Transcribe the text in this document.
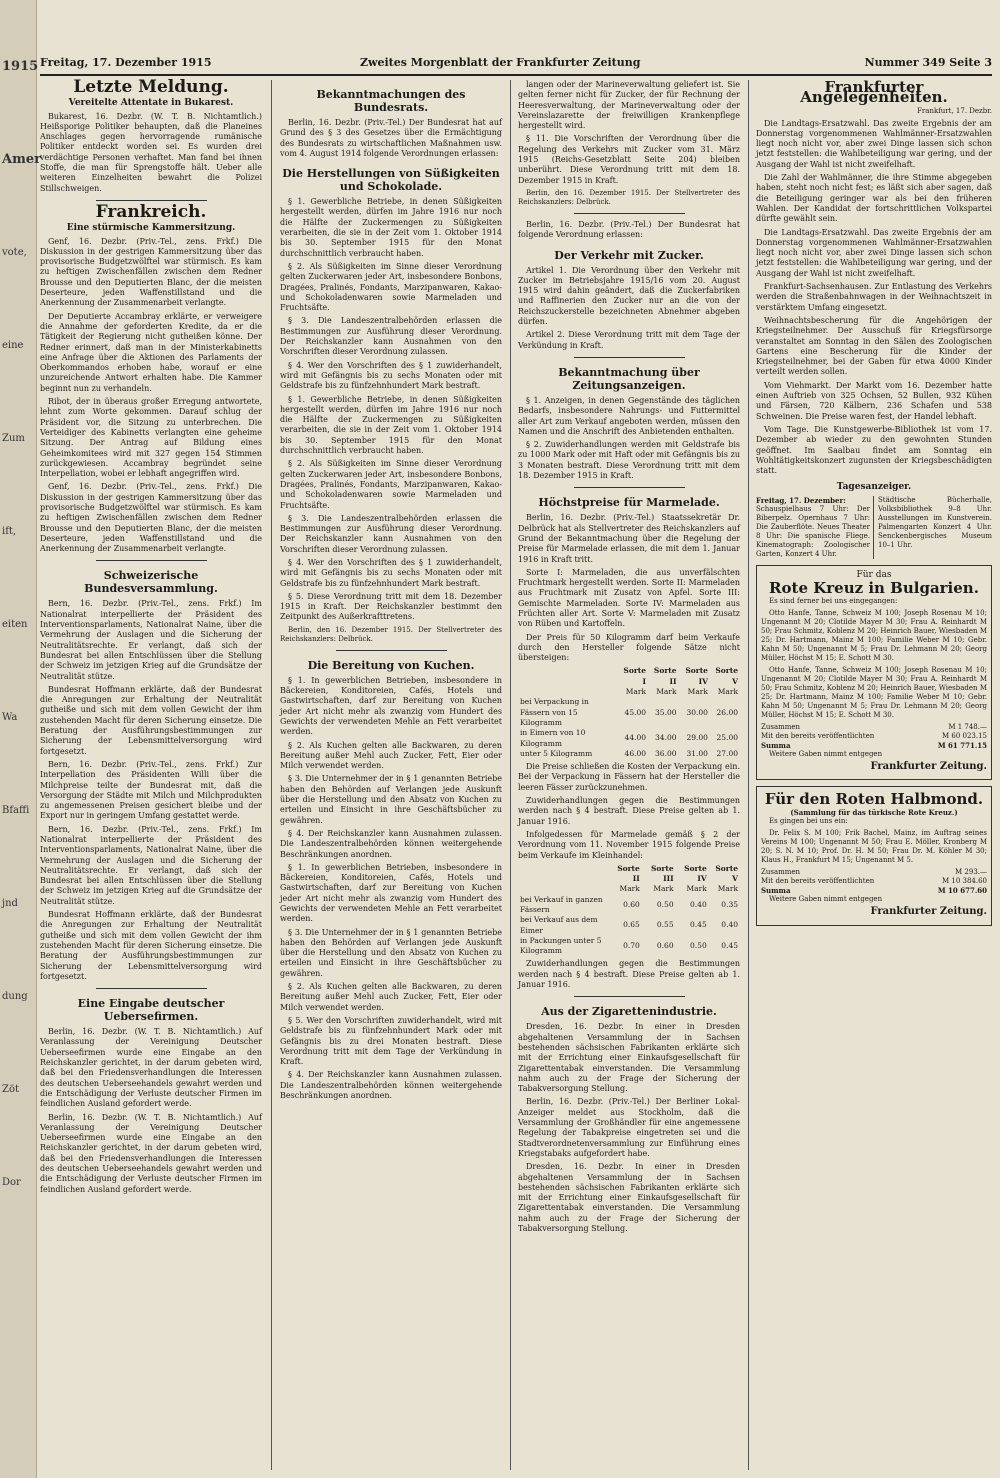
1915
Amer
vote,
eine
Zum
ift,
eiten
Wa
Bfaffi
jnd
dung
Zöt
Dor
Freitag, 17. Dezember 1915	Zweites Morgenblatt der Frankfurter Zeitung	Nummer 349 Seite 3
Letzte Meldung.
Vereitelte Attentate in Bukarest.

Bukarest, 16. Dezbr. (W. T. B. Nichtamtlich.) Heißsporige Politiker behaupten, daß die Planeines Anschlages gegen hervorragende rumänische Politiker entdeckt worden sei. Es wurden drei verdächtige Personen verhaftet. Man fand bei ihnen Stoffe, die man für Sprengstoffe hält. Ueber alle weiteren Einzelheiten bewahrt die Polizei Stillschweigen.

Frankreich.
Eine stürmische Kammersitzung.

Genf, 16. Dezbr. (Priv.-Tel., zens. Frkf.) Die Diskussion in der gestrigen Kammersitzung über das provisorische Budgetzwölftel war stürmisch. Es kam zu heftigen Zwischenfällen zwischen dem Redner Brousse und den Deputierten Blanc, der die meisten Deserteure, jeden Waffenstillstand und die Anerkennung der Zusammenarbeit verlangte.

Der Deputierte Accambray erklärte, er verweigere die Annahme der geforderten Kredite, da er die Tätigkeit der Regierung nicht gutheißen könne. Der Redner erinnert, daß man in der Ministerkabinetts eine Anfrage über die Aktionen des Parlaments der Oberkommandos erhoben habe, worauf er eine unzureichende Antwort erhalten habe. Die Kammer beginnt nun zu verhandeln.

Ribot, der in überaus großer Erregung antwortete, lehnt zum Worte gekommen. Darauf schlug der Präsident vor, die Sitzung zu unterbrechen. Die Verteidiger des Kabinetts verlangten eine geheime Sitzung. Der Antrag auf Bildung eines Geheimkomitees wird mit 327 gegen 154 Stimmen zurückgewiesen. Accambray begründet seine Interpellation, wobei er lebhaft angegriffen wird.

Genf, 16. Dezbr. (Priv.-Tel., zens. Frkf.) Die Diskussion in der gestrigen Kammersitzung über das provisorische Budgetzwölftel war stürmisch. Es kam zu heftigen Zwischenfällen zwischen dem Redner Brousse und den Deputierten Blanc, der die meisten Deserteure, jeden Waffenstillstand und die Anerkennung der Zusammenarbeit verlangte.

Schweizerische Bundesversammlung.

Bern, 16. Dezbr. (Priv.-Tel., zens. Frkf.) Im Nationalrat interpellierte der Präsident des Interventionsparlaments, Nationalrat Naine, über die Vermehrung der Auslagen und die Sicherung der Neutralitätsrechte. Er verlangt, daß sich der Bundesrat bei allen Entschlüssen über die Stellung der Schweiz im jetzigen Krieg auf die Grundsätze der Neutralität stütze.

Bundesrat Hoffmann erklärte, daß der Bundesrat die Anregungen zur Erhaltung der Neutralität gutheiße und sich mit dem vollen Gewicht der ihm zustehenden Macht für deren Sicherung einsetze. Die Beratung der Ausführungsbestimmungen zur Sicherung der Lebensmittelversorgung wird fortgesetzt.

Bern, 16. Dezbr. (Priv.-Tel., zens. Frkf.) Zur Interpellation des Präsidenten Willi über die Milchpreise teilte der Bundesrat mit, daß die Versorgung der Städte mit Milch und Milchprodukten zu angemessenen Preisen gesichert bleibe und der Export nur in geringem Umfang gestattet werde.

Bern, 16. Dezbr. (Priv.-Tel., zens. Frkf.) Im Nationalrat interpellierte der Präsident des Interventionsparlaments, Nationalrat Naine, über die Vermehrung der Auslagen und die Sicherung der Neutralitätsrechte. Er verlangt, daß sich der Bundesrat bei allen Entschlüssen über die Stellung der Schweiz im jetzigen Krieg auf die Grundsätze der Neutralität stütze.

Bundesrat Hoffmann erklärte, daß der Bundesrat die Anregungen zur Erhaltung der Neutralität gutheiße und sich mit dem vollen Gewicht der ihm zustehenden Macht für deren Sicherung einsetze. Die Beratung der Ausführungsbestimmungen zur Sicherung der Lebensmittelversorgung wird fortgesetzt.

Eine Eingabe deutscher Uebersefirmen.

Berlin, 16. Dezbr. (W. T. B. Nichtamtlich.) Auf Veranlassung der Vereinigung Deutscher Ueberseefirmen wurde eine Eingabe an den Reichskanzler gerichtet, in der darum gebeten wird, daß bei den Friedensverhandlungen die Interessen des deutschen Ueberseehandels gewahrt werden und die Entschädigung der Verluste deutscher Firmen im feindlichen Ausland gefordert werde.

Berlin, 16. Dezbr. (W. T. B. Nichtamtlich.) Auf Veranlassung der Vereinigung Deutscher Ueberseefirmen wurde eine Eingabe an den Reichskanzler gerichtet, in der darum gebeten wird, daß bei den Friedensverhandlungen die Interessen des deutschen Ueberseehandels gewahrt werden und die Entschädigung der Verluste deutscher Firmen im feindlichen Ausland gefordert werde.

Bekanntmachungen des Bundesrats.

Berlin, 16. Dezbr. (Priv.-Tel.) Der Bundesrat hat auf Grund des § 3 des Gesetzes über die Ermächtigung des Bundesrats zu wirtschaftlichen Maßnahmen usw. vom 4. August 1914 folgende Verordnungen erlassen:

Die Herstellungen von Süßigkeiten und Schokolade.

§ 1. Gewerbliche Betriebe, in denen Süßigkeiten hergestellt werden, dürfen im Jahre 1916 nur noch die Hälfte der Zuckermengen zu Süßigkeiten verarbeiten, die sie in der Zeit vom 1. Oktober 1914 bis 30. September 1915 für den Monat durchschnittlich verbraucht haben.

§ 2. Als Süßigkeiten im Sinne dieser Verordnung gelten Zuckerwaren jeder Art, insbesondere Bonbons, Dragées, Pralinés, Fondants, Marzipanwaren, Kakao- und Schokoladenwaren sowie Marmeladen und Fruchtsäfte.

§ 3. Die Landeszentralbehörden erlassen die Bestimmungen zur Ausführung dieser Verordnung. Der Reichskanzler kann Ausnahmen von den Vorschriften dieser Verordnung zulassen.

§ 4. Wer den Vorschriften des § 1 zuwiderhandelt, wird mit Gefängnis bis zu sechs Monaten oder mit Geldstrafe bis zu fünfzehnhundert Mark bestraft.

§ 1. Gewerbliche Betriebe, in denen Süßigkeiten hergestellt werden, dürfen im Jahre 1916 nur noch die Hälfte der Zuckermengen zu Süßigkeiten verarbeiten, die sie in der Zeit vom 1. Oktober 1914 bis 30. September 1915 für den Monat durchschnittlich verbraucht haben.

§ 2. Als Süßigkeiten im Sinne dieser Verordnung gelten Zuckerwaren jeder Art, insbesondere Bonbons, Dragées, Pralinés, Fondants, Marzipanwaren, Kakao- und Schokoladenwaren sowie Marmeladen und Fruchtsäfte.

§ 3. Die Landeszentralbehörden erlassen die Bestimmungen zur Ausführung dieser Verordnung. Der Reichskanzler kann Ausnahmen von den Vorschriften dieser Verordnung zulassen.

§ 4. Wer den Vorschriften des § 1 zuwiderhandelt, wird mit Gefängnis bis zu sechs Monaten oder mit Geldstrafe bis zu fünfzehnhundert Mark bestraft.

§ 5. Diese Verordnung tritt mit dem 18. Dezember 1915 in Kraft. Der Reichskanzler bestimmt den Zeitpunkt des Außerkrafttretens.

Berlin, den 16. Dezember 1915. Der Stellvertreter des Reichskanzlers: Delbrück.

Die Bereitung von Kuchen.

§ 1. In gewerblichen Betrieben, insbesondere in Bäckereien, Konditoreien, Cafés, Hotels und Gastwirtschaften, darf zur Bereitung von Kuchen jeder Art nicht mehr als zwanzig vom Hundert des Gewichts der verwendeten Mehle an Fett verarbeitet werden.

§ 2. Als Kuchen gelten alle Backwaren, zu deren Bereitung außer Mehl auch Zucker, Fett, Eier oder Milch verwendet werden.

§ 3. Die Unternehmer der in § 1 genannten Betriebe haben den Behörden auf Verlangen jede Auskunft über die Herstellung und den Absatz von Kuchen zu erteilen und Einsicht in ihre Geschäftsbücher zu gewähren.

§ 4. Der Reichskanzler kann Ausnahmen zulassen. Die Landeszentralbehörden können weitergehende Beschränkungen anordnen.

§ 1. In gewerblichen Betrieben, insbesondere in Bäckereien, Konditoreien, Cafés, Hotels und Gastwirtschaften, darf zur Bereitung von Kuchen jeder Art nicht mehr als zwanzig vom Hundert des Gewichts der verwendeten Mehle an Fett verarbeitet werden.

§ 3. Die Unternehmer der in § 1 genannten Betriebe haben den Behörden auf Verlangen jede Auskunft über die Herstellung und den Absatz von Kuchen zu erteilen und Einsicht in ihre Geschäftsbücher zu gewähren.

§ 2. Als Kuchen gelten alle Backwaren, zu deren Bereitung außer Mehl auch Zucker, Fett, Eier oder Milch verwendet werden.

§ 5. Wer den Vorschriften zuwiderhandelt, wird mit Geldstrafe bis zu fünfzehnhundert Mark oder mit Gefängnis bis zu drei Monaten bestraft. Diese Verordnung tritt mit dem Tage der Verkündung in Kraft.

§ 4. Der Reichskanzler kann Ausnahmen zulassen. Die Landeszentralbehörden können weitergehende Beschränkungen anordnen.

langen oder der Marineverwaltung geliefert ist. Sie gelten ferner nicht für Zucker, der für Rechnung der Heeresverwaltung, der Marineverwaltung oder der Vereinslazarette der freiwilligen Krankenpflege hergestellt wird.

§ 11. Die Vorschriften der Verordnung über die Regelung des Verkehrs mit Zucker vom 31. März 1915 (Reichs-Gesetzblatt Seite 204) bleiben unberührt. Diese Verordnung tritt mit dem 18. Dezember 1915 in Kraft.

Berlin, den 16. Dezember 1915. Der Stellvertreter des Reichskanzlers: Delbrück.

Berlin, 16. Dezbr. (Priv.-Tel.) Der Bundesrat hat folgende Verordnung erlassen:

Der Verkehr mit Zucker.

Artikel 1. Die Verordnung über den Verkehr mit Zucker im Betriebsjahre 1915/16 vom 20. August 1915 wird dahin geändert, daß die Zuckerfabriken und Raffinerien den Zucker nur an die von der Reichszuckerstelle bezeichneten Abnehmer abgeben dürfen.

Artikel 2. Diese Verordnung tritt mit dem Tage der Verkündung in Kraft.

Bekanntmachung über Zeitungsanzeigen.

§ 1. Anzeigen, in denen Gegenstände des täglichen Bedarfs, insbesondere Nahrungs- und Futtermittel aller Art zum Verkauf angeboten werden, müssen den Namen und die Anschrift des Anbietenden enthalten.

§ 2. Zuwiderhandlungen werden mit Geldstrafe bis zu 1000 Mark oder mit Haft oder mit Gefängnis bis zu 3 Monaten bestraft. Diese Verordnung tritt mit dem 18. Dezember 1915 in Kraft.

Höchstpreise für Marmelade.

Berlin, 16. Dezbr. (Priv.-Tel.) Staatssekretär Dr. Delbrück hat als Stellvertreter des Reichskanzlers auf Grund der Bekanntmachung über die Regelung der Preise für Marmelade erlassen, die mit dem 1. Januar 1916 in Kraft tritt.

Sorte I: Marmeladen, die aus unverfälschten Fruchtmark hergestellt werden. Sorte II: Marmeladen aus Fruchtmark mit Zusatz von Apfel. Sorte III: Gemischte Marmeladen. Sorte IV: Marmeladen aus Früchten aller Art. Sorte V: Marmeladen mit Zusatz von Rüben und Kartoffeln.

Der Preis für 50 Kilogramm darf beim Verkaufe durch den Hersteller folgende Sätze nicht übersteigen:

	Sorte I	Sorte II	Sorte IV	Sorte V
	Mark	Mark	Mark	Mark
bei Verpackung in Fässern von 15 Kilogramm	45.00	35.00	30.00	26.00
in Eimern von 10 Kilogramm	44.00	34.00	29.00	25.00
unter 5 Kilogramm	46.00	36.00	31.00	27.00

Die Preise schließen die Kosten der Verpackung ein. Bei der Verpackung in Fässern hat der Hersteller die leeren Fässer zurückzunehmen.

Zuwiderhandlungen gegen die Bestimmungen werden nach § 4 bestraft. Diese Preise gelten ab 1. Januar 1916.

Infolgedessen für Marmelade gemäß § 2 der Verordnung vom 11. November 1915 folgende Preise beim Verkaufe im Kleinhandel:

	Sorte II	Sorte III	Sorte IV	Sorte V
	Mark	Mark	Mark	Mark
bei Verkauf in ganzen Fässern	0.60	0.50	0.40	0.35
bei Verkauf aus dem Eimer	0.65	0.55	0.45	0.40
in Packungen unter 5 Kilogramm	0.70	0.60	0.50	0.45

Zuwiderhandlungen gegen die Bestimmungen werden nach § 4 bestraft. Diese Preise gelten ab 1. Januar 1916.

Aus der Zigarettenindustrie.

Dresden, 16. Dezbr. In einer in Dresden abgehaltenen Versammlung der in Sachsen bestehenden sächsischen Fabrikanten erklärte sich mit der Errichtung einer Einkaufsgesellschaft für Zigarettentabak einverstanden. Die Versammlung nahm auch zu der Frage der Sicherung der Tabakversorgung Stellung.

Berlin, 16. Dezbr. (Priv.-Tel.) Der Berliner Lokal-Anzeiger meldet aus Stockholm, daß die Versammlung der Großhändler für eine angemessene Regelung der Tabakpreise eingetreten sei und die Stadtverordnetenversammlung zur Einführung eines Kriegstabaks aufgefordert habe.

Dresden, 16. Dezbr. In einer in Dresden abgehaltenen Versammlung der in Sachsen bestehenden sächsischen Fabrikanten erklärte sich mit der Errichtung einer Einkaufsgesellschaft für Zigarettentabak einverstanden. Die Versammlung nahm auch zu der Frage der Sicherung der Tabakversorgung Stellung.

Frankfurter Angelegenheiten.

Frankfurt, 17. Dezbr.

Die Landtags-Ersatzwahl. Das zweite Ergebnis der am Donnerstag vorgenommenen Wahlmänner-Ersatzwahlen liegt noch nicht vor, aber zwei Dinge lassen sich schon jetzt feststellen: die Wahlbeteiligung war gering, und der Ausgang der Wahl ist nicht zweifelhaft.

Die Zahl der Wahlmänner, die ihre Stimme abgegeben haben, steht noch nicht fest; es läßt sich aber sagen, daß die Beteiligung geringer war als bei den früheren Wahlen. Der Kandidat der fortschrittlichen Volkspartei dürfte gewählt sein.

Die Landtags-Ersatzwahl. Das zweite Ergebnis der am Donnerstag vorgenommenen Wahlmänner-Ersatzwahlen liegt noch nicht vor, aber zwei Dinge lassen sich schon jetzt feststellen: die Wahlbeteiligung war gering, und der Ausgang der Wahl ist nicht zweifelhaft.

Frankfurt-Sachsenhausen. Zur Entlastung des Verkehrs werden die Straßenbahnwagen in der Weihnachtszeit in verstärktem Umfang eingesetzt.

Weihnachtsbescherung für die Angehörigen der Kriegsteilnehmer. Der Ausschuß für Kriegsfürsorge veranstaltet am Sonntag in den Sälen des Zoologischen Gartens eine Bescherung für die Kinder der Kriegsteilnehmer, bei der Gaben für etwa 4000 Kinder verteilt werden sollen.

Vom Viehmarkt. Der Markt vom 16. Dezember hatte einen Auftrieb von 325 Ochsen, 52 Bullen, 932 Kühen und Färsen, 720 Kälbern, 236 Schafen und 538 Schweinen. Die Preise waren fest, der Handel lebhaft.

Vom Tage. Die Kunstgewerbe-Bibliothek ist vom 17. Dezember ab wieder zu den gewohnten Stunden geöffnet. Im Saalbau findet am Sonntag ein Wohltätigkeitskonzert zugunsten der Kriegsbeschädigten statt.

Tagesanzeiger.
Freitag, 17. Dezember:
Schauspielhaus 7 Uhr: Der Biberpelz. Opernhaus 7 Uhr: Die Zauberflöte. Neues Theater 8 Uhr: Die spanische Fliege. Kinematograph: Zoologischer Garten, Konzert 4 Uhr.
Städtische Bücherhalle, Volksbibliothek 9–8 Uhr. Ausstellungen im Kunstverein. Palmengarten Konzert 4 Uhr. Senckenbergisches Museum 10–1 Uhr.
Für das
Rote Kreuz in Bulgarien.

Es sind ferner bei uns eingegangen:

Otto Hanfe, Tanne, Schweiz M 100; Joseph Rosenau M 10; Ungenannt M 20; Clotilde Mayer M 30; Frau A. Reinhardt M 50; Frau Schmitz, Koblenz M 20; Heinrich Bauer, Wiesbaden M 25; Dr. Hartmann, Mainz M 100; Familie Weber M 10; Gebr. Kahn M 50; Ungenannt M 5; Frau Dr. Lehmann M 20; Georg Müller, Höchst M 15; E. Schott M 30.

Otto Hanfe, Tanne, Schweiz M 100; Joseph Rosenau M 10; Ungenannt M 20; Clotilde Mayer M 30; Frau A. Reinhardt M 50; Frau Schmitz, Koblenz M 20; Heinrich Bauer, Wiesbaden M 25; Dr. Hartmann, Mainz M 100; Familie Weber M 10; Gebr. Kahn M 50; Ungenannt M 5; Frau Dr. Lehmann M 20; Georg Müller, Höchst M 15; E. Schott M 30.

Zusammen	M 1 748.—
Mit den bereits veröffentlichten	M 60 023.15
Summa	M 61 771.15

Weitere Gaben nimmt entgegen

Frankfurter Zeitung.
Für den Roten Halbmond.
(Sammlung für das türkische Rote Kreuz.)

Es gingen bei uns ein:

Dr. Felix S. M 100; Frik Bachel, Mainz, im Auftrag seines Vereins M 100; Ungenannt M 50; Frau E. Möller, Kronberg M 20; S. N. M 10; Prof. Dr. H. M 50; Frau Dr. M. Köhler M 30; Klaus H., Frankfurt M 15; Ungenannt M 5.

Zusammen	M 293.—
Mit den bereits veröffentlichten	M 10 384.60
Summa	M 10 677.60

Weitere Gaben nimmt entgegen

Frankfurter Zeitung.
